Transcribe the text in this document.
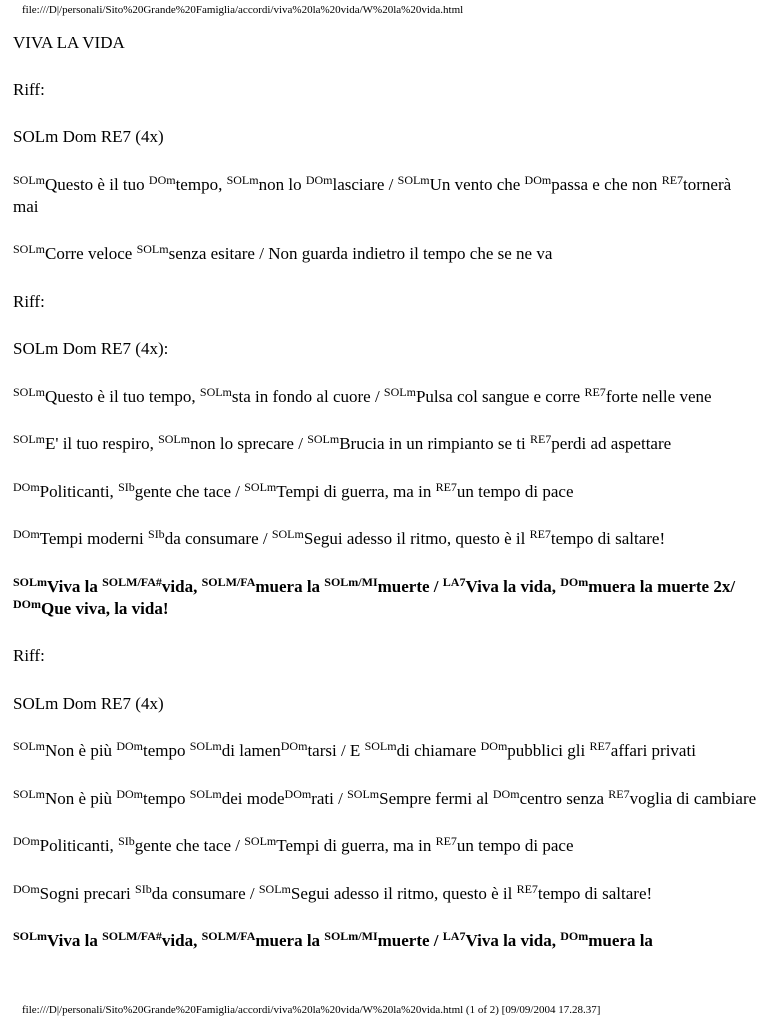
file:///D|/personali/Sito%20Grande%20Famiglia/accordi/viva%20la%20vida/W%20la%20vida.html

VIVA LA VIDA

Riff:

SOLm Dom RE7 (4x)

$^{SOLm}$Questo è il tuo $^{DOm}$tempo, $^{SOLm}$non lo $^{DOm}$lasciare / $^{SOLm}$Un vento che $^{DOm}$passa e che non $^{RE7}$tornerà mai

$^{SOLm}$Corre veloce $^{SOLm}$senza esitare / Non guarda indietro il tempo che se ne va

Riff:

SOLm Dom RE7 (4x):

$^{SOLm}$Questo è il tuo tempo, $^{SOLm}$sta in fondo al cuore / $^{SOLm}$Pulsa col sangue e corre $^{RE7}$forte nelle vene

$^{SOLm}$E' il tuo respiro, $^{SOLm}$non lo sprecare / $^{SOLm}$Brucia in un rimpianto se ti $^{RE7}$perdi ad aspettare

$^{DOm}$Politicanti, $^{SIb}$gente che tace / $^{SOLm}$Tempi di guerra, ma in $^{RE7}$un tempo di pace

$^{DOm}$Tempi moderni $^{SIb}$da consumare / $^{SOLm}$Segui adesso il ritmo, questo è il $^{RE7}$tempo di saltare!

$^{SOLm}$Viva la $^{SOLM/FA\#}$vida, $^{SOLM/FA}$muera la $^{SOLm/MI}$muerte / $^{LA7}$Viva la vida, $^{DOm}$muera la muerte 2x/ $^{DOm}$Que viva, la vida!

Riff:

SOLm Dom RE7 (4x)

$^{SOLm}$Non è più $^{DOm}$tempo $^{SOLm}$di lamen$^{DOm}$tarsi / E $^{SOLm}$di chiamare $^{DOm}$pubblici gli $^{RE7}$affari privati

$^{SOLm}$Non è più $^{DOm}$tempo $^{SOLm}$dei mode$^{DOm}$rati / $^{SOLm}$Sempre fermi al $^{DOm}$centro senza $^{RE7}$voglia di cambiare

$^{DOm}$Politicanti, $^{SIb}$gente che tace / $^{SOLm}$Tempi di guerra, ma in $^{RE7}$un tempo di pace

$^{DOm}$Sogni precari $^{SIb}$da consumare / $^{SOLm}$Segui adesso il ritmo, questo è il $^{RE7}$tempo di saltare!

$^{SOLm}$Viva la $^{SOLM/FA\#}$vida, $^{SOLM/FA}$muera la $^{SOLm/MI}$muerte / $^{LA7}$Viva la vida, $^{DOm}$muera la

file:///D|/personali/Sito%20Grande%20Famiglia/accordi/viva%20la%20vida/W%20la%20vida.html (1 of 2) [09/09/2004 17.28.37]
